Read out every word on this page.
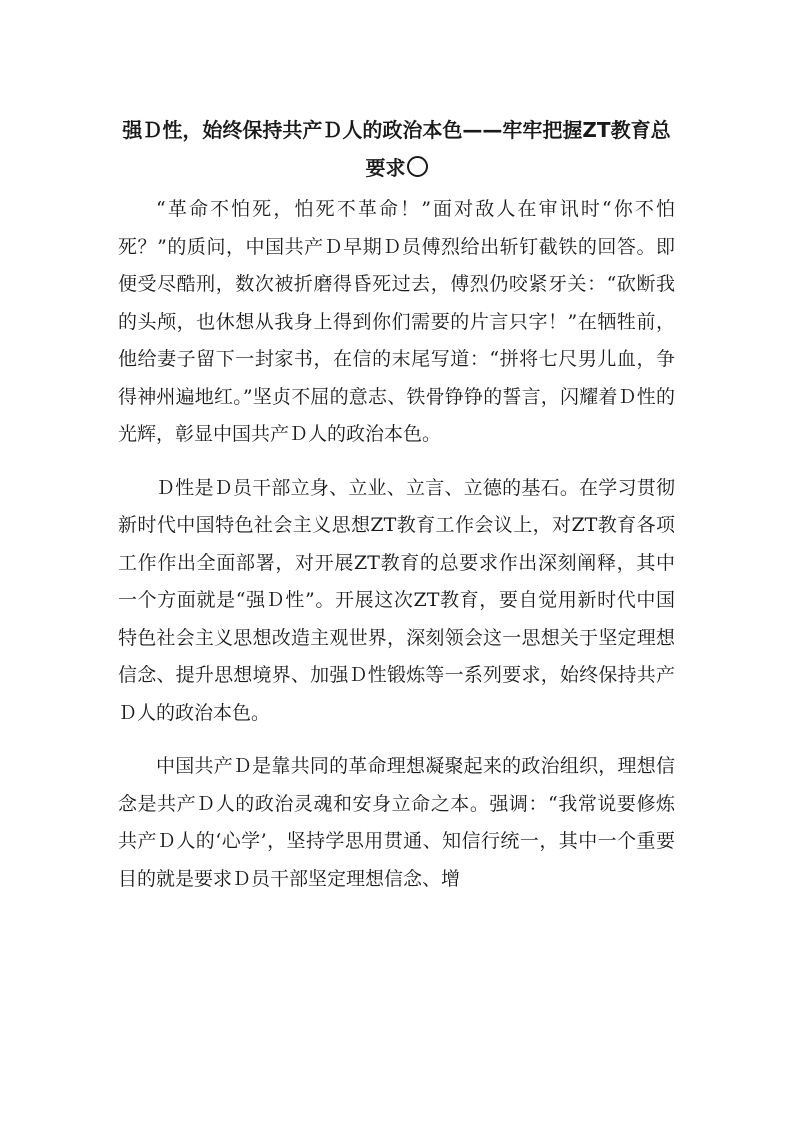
强Ｄ性，始终保持共产Ｄ人的政治本色——牢牢把握ZT教育总要求

“革命不怕死，怕死不革命！”面对敌人在审讯时“你不怕死？”的质问，中国共产Ｄ早期Ｄ员傅烈给出斩钉截铁的回答。即便受尽酷刑，数次被折磨得昏死过去，傅烈仍咬紧牙关：“砍断我的头颅，也休想从我身上得到你们需要的片言只字！”在牺牲前，他给妻子留下一封家书，在信的末尾写道：“拼将七尺男儿血，争得神州遍地红。”坚贞不屈的意志、铁骨铮铮的誓言，闪耀着Ｄ性的光辉，彰显中国共产Ｄ人的政治本色。

Ｄ性是Ｄ员干部立身、立业、立言、立德的基石。在学习贯彻新时代中国特色社会主义思想ZT教育工作会议上，对ZT教育各项工作作出全面部署，对开展ZT教育的总要求作出深刻阐释，其中一个方面就是“强Ｄ性”。开展这次ZT教育，要自觉用新时代中国特色社会主义思想改造主观世界，深刻领会这一思想关于坚定理想信念、提升思想境界、加强Ｄ性锻炼等一系列要求，始终保持共产Ｄ人的政治本色。

中国共产Ｄ是靠共同的革命理想凝聚起来的政治组织，理想信念是共产Ｄ人的政治灵魂和安身立命之本。强调：“我常说要修炼共产Ｄ人的‘心学’，坚持学思用贯通、知信行统一，其中一个重要目的就是要求Ｄ员干部坚定理想信念、增
